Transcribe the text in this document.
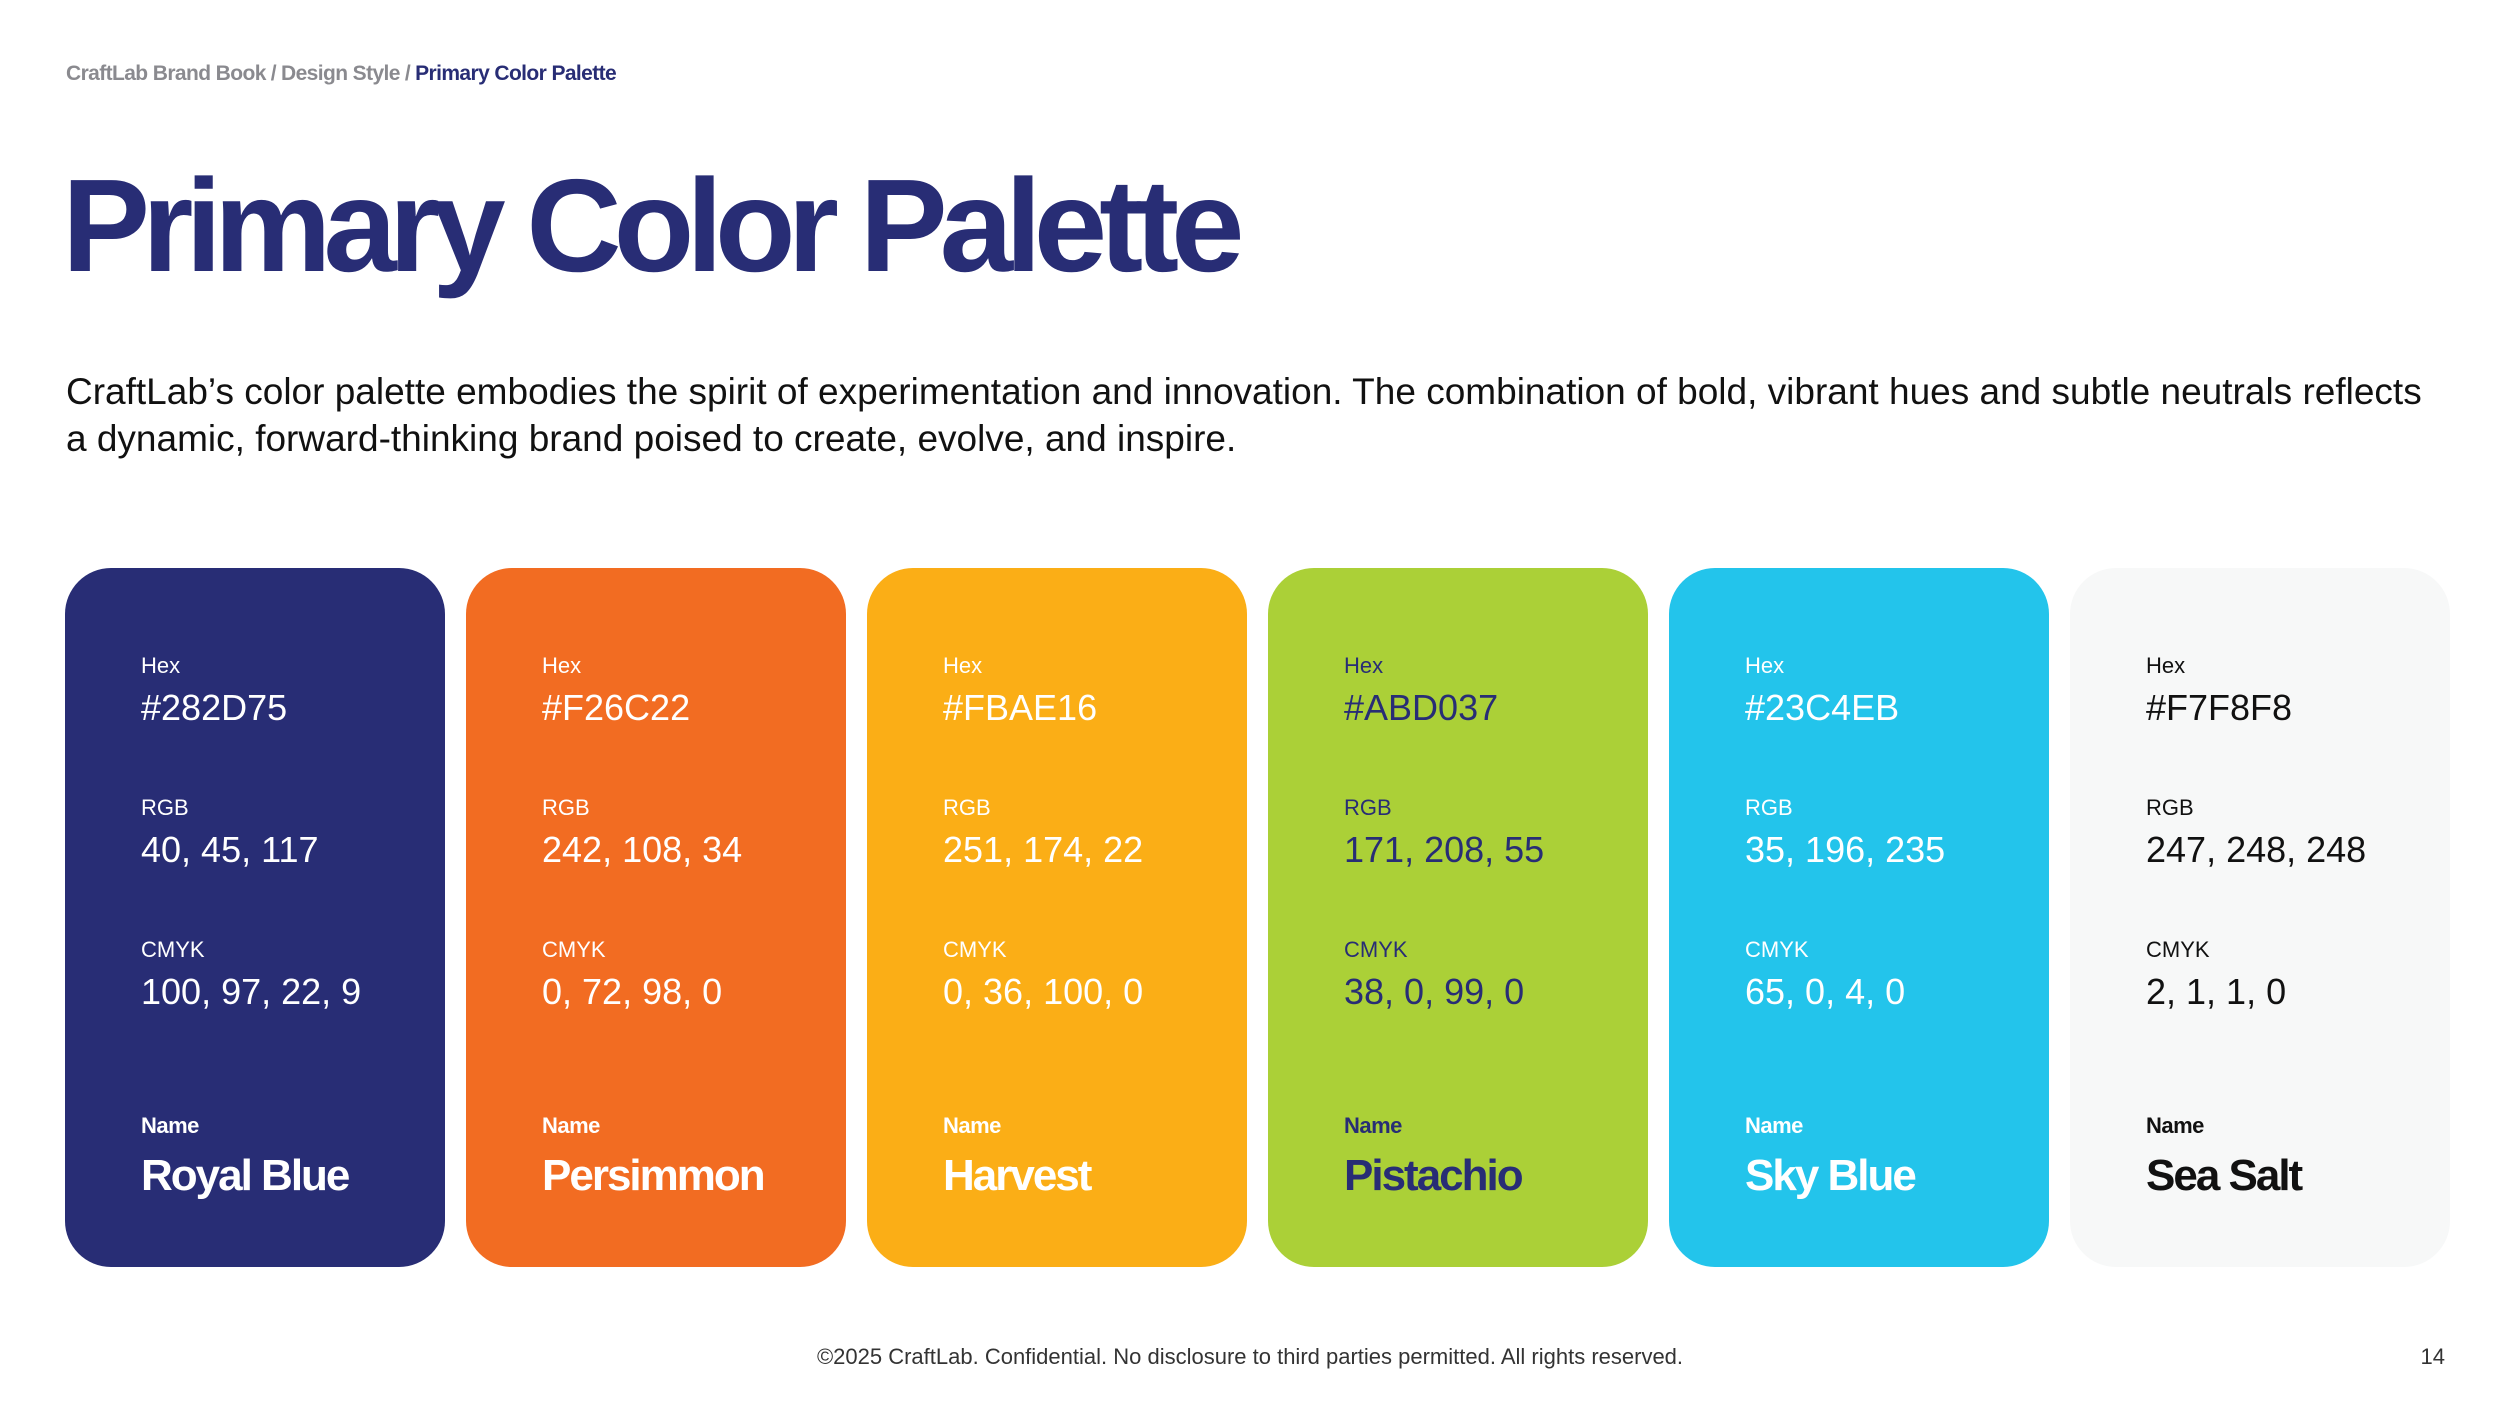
CraftLab Brand Book / Design Style / Primary Color Palette
Primary Color Palette

CraftLab’s color palette embodies the spirit of experimentation and innovation. The combination of bold, vibrant hues and subtle neutrals reflects a dynamic, forward-thinking brand poised to create, evolve, and inspire.

Hex
#282D75
RGB
40, 45, 117
CMYK
100, 97, 22, 9
Name
Royal Blue
Hex
#F26C22
RGB
242, 108, 34
CMYK
0, 72, 98, 0
Name
Persimmon
Hex
#FBAE16
RGB
251, 174, 22
CMYK
0, 36, 100, 0
Name
Harvest
Hex
#ABD037
RGB
171, 208, 55
CMYK
38, 0, 99, 0
Name
Pistachio
Hex
#23C4EB
RGB
35, 196, 235
CMYK
65, 0, 4, 0
Name
Sky Blue
Hex
#F7F8F8
RGB
247, 248, 248
CMYK
2, 1, 1, 0
Name
Sea Salt
©2025 CraftLab. Confidential. No disclosure to third parties permitted. All rights reserved.	14
